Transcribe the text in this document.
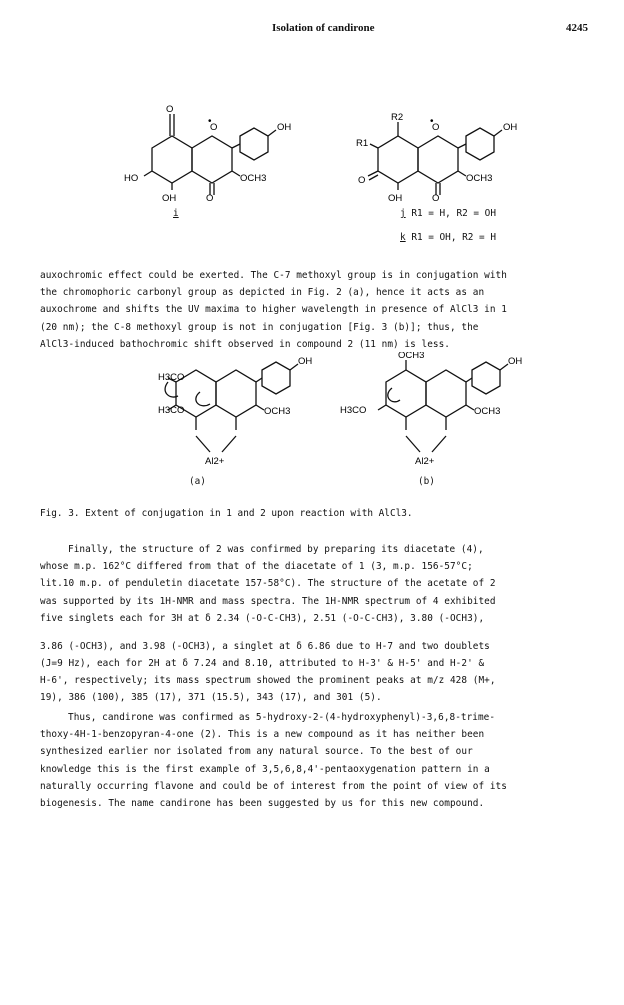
Isolation of candirone	4245
O
O
•
OH
HO	OCH3
OH	O
R2
R1
O
•
OH
O	OCH3
OH	O
i	j R1 = H, R2 = OH
k R1 = OH, R2 = H
auxochromic effect could be exerted. The C-7 methoxyl group is in conjugation with
the chromophoric carbonyl group as depicted in Fig. 2 (a), hence it acts as an
auxochrome and shifts the UV maxima to higher wavelength in presence of AlCl3 in 1
(20 nm); the C-8 methoxyl group is not in conjugation [Fig. 3 (b)]; thus, the
AlCl3-induced bathochromic shift observed in compound 2 (11 nm) is less.
H3CO
H3CO	OCH3
OH
Al2+
OCH3
H3CO	OCH3
OH
Al2+
(a)	(b)
Fig. 3. Extent of conjugation in 1 and 2 upon reaction with AlCl3.
Finally, the structure of 2 was confirmed by preparing its diacetate (4),
whose m.p. 162°C differed from that of the diacetate of 1 (3, m.p. 156-57°C;
lit.10 m.p. of penduletin diacetate 157-58°C). The structure of the acetate of 2
was supported by its 1H-NMR and mass spectra. The 1H-NMR spectrum of 4 exhibited
five singlets each for 3H at δ 2.34 (-O-C-CH3), 2.51 (-O-C-CH3), 3.80 (-OCH3),
3.86 (-OCH3), and 3.98 (-OCH3), a singlet at δ 6.86 due to H-7 and two doublets
(J=9 Hz), each for 2H at δ 7.24 and 8.10, attributed to H-3' & H-5' and H-2' &
H-6', respectively; its mass spectrum showed the prominent peaks at m/z 428 (M+,
19), 386 (100), 385 (17), 371 (15.5), 343 (17), and 301 (5).
Thus, candirone was confirmed as 5-hydroxy-2-(4-hydroxyphenyl)-3,6,8-trime-
thoxy-4H-1-benzopyran-4-one (2). This is a new compound as it has neither been
synthesized earlier nor isolated from any natural source. To the best of our
knowledge this is the first example of 3,5,6,8,4'-pentaoxygenation pattern in a
naturally occurring flavone and could be of interest from the point of view of its
biogenesis. The name candirone has been suggested by us for this new compound.
